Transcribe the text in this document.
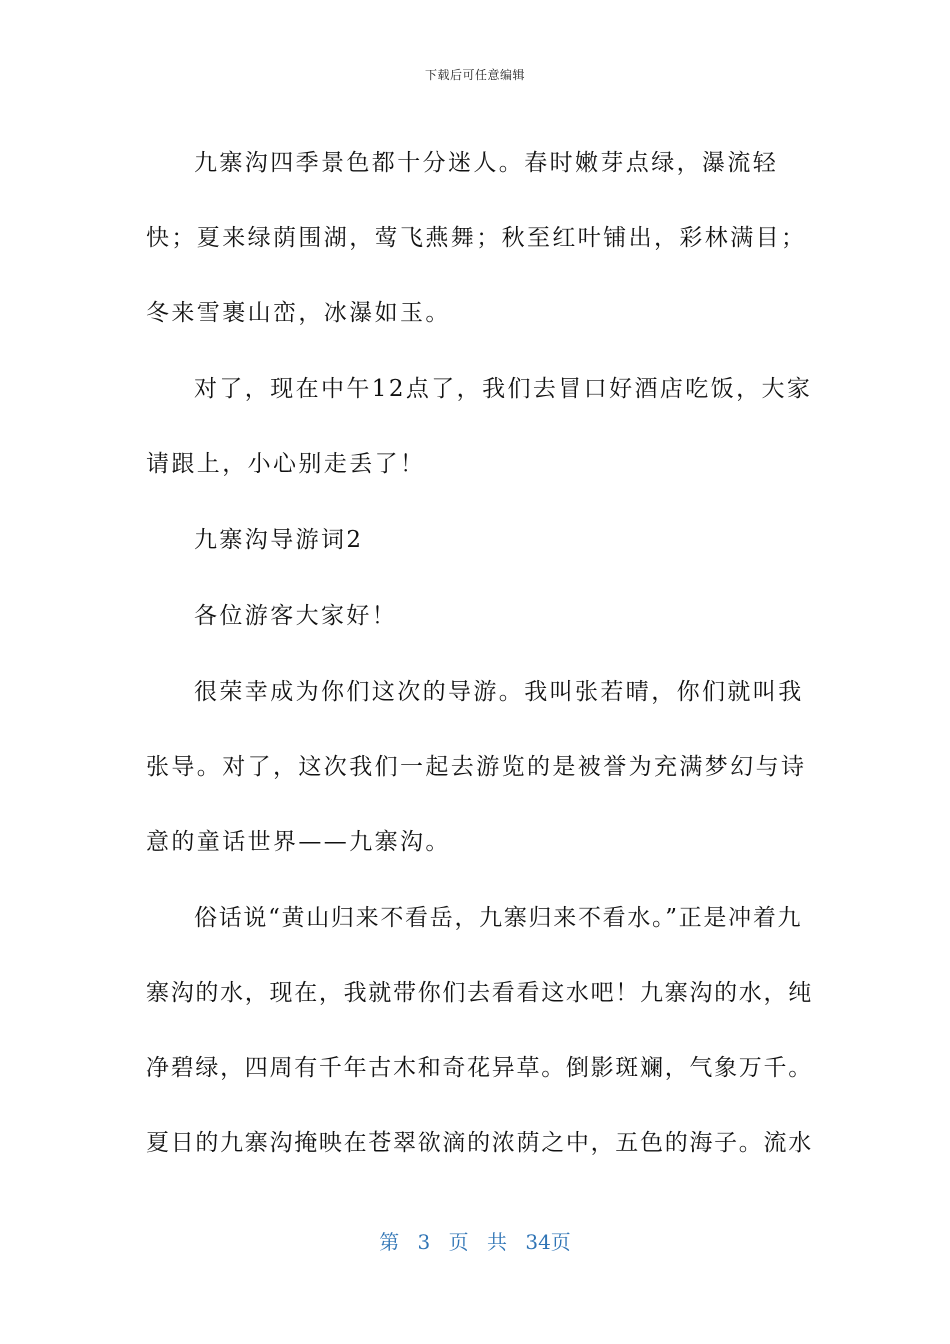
下载后可任意编辑

九寨沟四季景色都十分迷人。春时嫩芽点绿，瀑流轻快；夏来绿荫围湖，莺飞燕舞；秋至红叶铺出，彩林满目；冬来雪裹山峦，冰瀑如玉。

对了，现在中午12点了，我们去冒口好酒店吃饭，大家请跟上，小心别走丢了！

九寨沟导游词2

各位游客大家好！

很荣幸成为你们这次的导游。我叫张若晴，你们就叫我张导。对了，这次我们一起去游览的是被誉为充满梦幻与诗意的童话世界——九寨沟。

俗话说“黄山归来不看岳，九寨归来不看水。”正是冲着九寨沟的水，现在，我就带你们去看看这水吧！九寨沟的水，纯净碧绿，四周有千年古木和奇花异草。倒影斑斓，气象万千。夏日的九寨沟掩映在苍翠欲滴的浓荫之中，五色的海子。流水

第 3 页 共 34页
